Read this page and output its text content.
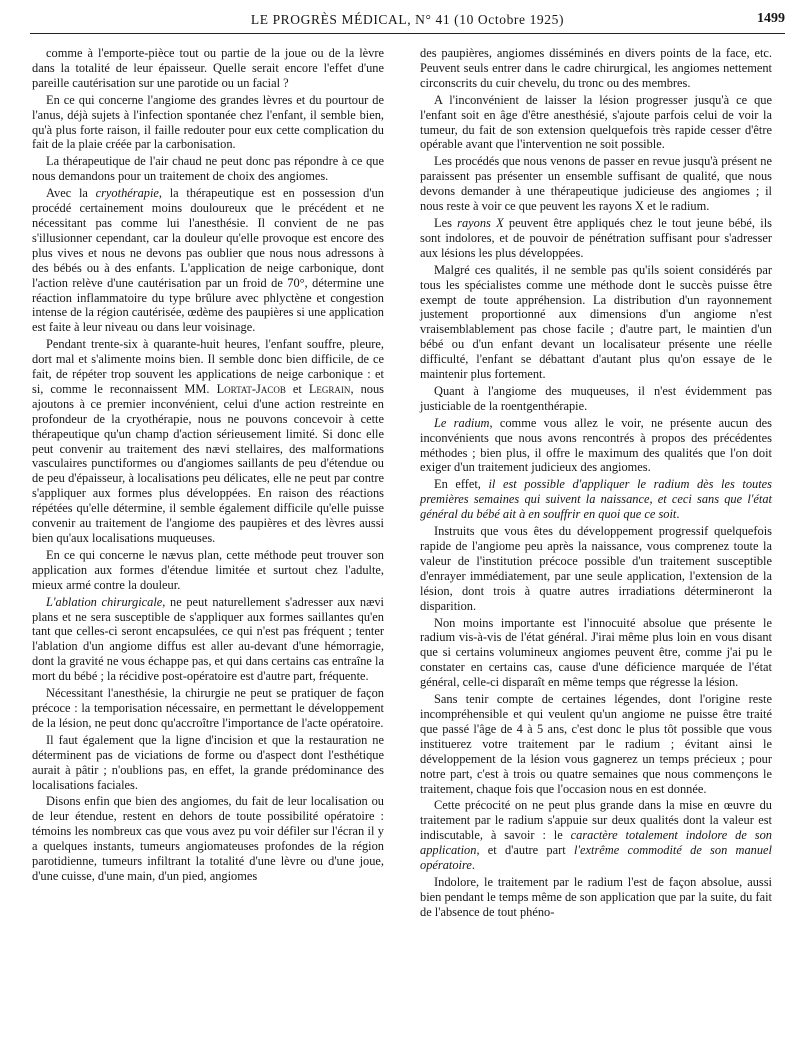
LE PROGRÈS MÉDICAL, N° 41 (10 Octobre 1925)	1499

comme à l'emporte-pièce tout ou partie de la joue ou de la lèvre dans la totalité de leur épaisseur. Quelle serait encore l'effet d'une pareille cautérisation sur une parotide ou un facial ?

En ce qui concerne l'angiome des grandes lèvres et du pourtour de l'anus, déjà sujets à l'infection spontanée chez l'enfant, il semble bien, qu'à plus forte raison, il faille redouter pour eux cette complication du fait de la plaie créée par la carbonisation.

La thérapeutique de l'air chaud ne peut donc pas répondre à ce que nous demandons pour un traitement de choix des angiomes.

Avec la cryothérapie, la thérapeutique est en possession d'un procédé certainement moins douloureux que le précédent et ne nécessitant pas comme lui l'anesthésie. Il convient de ne pas s'illusionner cependant, car la douleur qu'elle provoque est encore des plus vives et nous ne devons pas oublier que nous nous adressons à des bébés ou à des enfants. L'application de neige carbonique, dont l'action relève d'une cautérisation par un froid de 70°, détermine une réaction inflammatoire du type brûlure avec phlyctène et congestion intense de la région cautérisée, œdème des paupières si une application est faite à leur niveau ou dans leur voisinage.

Pendant trente-six à quarante-huit heures, l'enfant souffre, pleure, dort mal et s'alimente moins bien. Il semble donc bien difficile, de ce fait, de répéter trop souvent les applications de neige carbonique : et si, comme le reconnaissent MM. Lortat-Jacob et Legrain, nous ajoutons à ce premier inconvénient, celui d'une action restreinte en profondeur de la cryothérapie, nous ne pouvons concevoir à cette thérapeutique qu'un champ d'action sérieusement limité. Si donc elle peut convenir au traitement des nævi stellaires, des malformations vasculaires punctiformes ou d'angiomes saillants de peu d'étendue ou de peu d'épaisseur, à localisations peu délicates, elle ne peut par contre s'appliquer aux formes plus développées. En raison des réactions répétées qu'elle détermine, il semble également difficile qu'elle puisse convenir au traitement de l'angiome des paupières et des lèvres aussi bien qu'aux localisations muqueuses.

En ce qui concerne le nævus plan, cette méthode peut trouver son application aux formes d'étendue limitée et surtout chez l'adulte, mieux armé contre la douleur.

L'ablation chirurgicale, ne peut naturellement s'adresser aux nævi plans et ne sera susceptible de s'appliquer aux formes saillantes qu'en tant que celles-ci seront encapsulées, ce qui n'est pas fréquent ; tenter l'ablation d'un angiome diffus est aller au-devant d'une hémorragie, dont la gravité ne vous échappe pas, et qui dans certains cas entraîne la mort du bébé ; la récidive post-opératoire est d'autre part, fréquente.

Nécessitant l'anesthésie, la chirurgie ne peut se pratiquer de façon précoce : la temporisation nécessaire, en permettant le développement de la lésion, ne peut donc qu'accroître l'importance de l'acte opératoire.

Il faut également que la ligne d'incision et que la restauration ne déterminent pas de viciations de forme ou d'aspect dont l'esthétique aurait à pâtir ; n'oublions pas, en effet, la grande prédominance des localisations faciales.

Disons enfin que bien des angiomes, du fait de leur localisation ou de leur étendue, restent en dehors de toute possibilité opératoire : témoins les nombreux cas que vous avez pu voir défiler sur l'écran il y a quelques instants, tumeurs angiomateuses profondes de la région parotidienne, tumeurs infiltrant la totalité d'une lèvre ou d'une joue, d'une cuisse, d'une main, d'un pied, angiomes

des paupières, angiomes disséminés en divers points de la face, etc. Peuvent seuls entrer dans le cadre chirurgical, les angiomes nettement circonscrits du cuir chevelu, du tronc ou des membres.

A l'inconvénient de laisser la lésion progresser jusqu'à ce que l'enfant soit en âge d'être anesthésié, s'ajoute parfois celui de voir la tumeur, du fait de son extension quelquefois très rapide cesser d'être opérable avant que l'intervention ne soit possible.

Les procédés que nous venons de passer en revue jusqu'à présent ne paraissent pas présenter un ensemble suffisant de qualité, que nous devons demander à une thérapeutique judicieuse des angiomes ; il nous reste à voir ce que peuvent les rayons X et le radium.

Les rayons X peuvent être appliqués chez le tout jeune bébé, ils sont indolores, et de pouvoir de pénétration suffisant pour s'adresser aux lésions les plus développées.

Malgré ces qualités, il ne semble pas qu'ils soient considérés par tous les spécialistes comme une méthode dont le succès puisse être exempt de toute appréhension. La distribution d'un rayonnement justement proportionné aux dimensions d'un angiome n'est vraisemblablement pas chose facile ; d'autre part, le maintien d'un bébé ou d'un enfant devant un localisateur présente une réelle difficulté, l'enfant se débattant d'autant plus qu'on essaye de le maintenir plus fortement.

Quant à l'angiome des muqueuses, il n'est évidemment pas justiciable de la roentgenthérapie.

Le radium, comme vous allez le voir, ne présente aucun des inconvénients que nous avons rencontrés à propos des précédentes méthodes ; bien plus, il offre le maximum des qualités que l'on doit exiger d'un traitement judicieux des angiomes.

En effet, il est possible d'appliquer le radium dès les toutes premières semaines qui suivent la naissance, et ceci sans que l'état général du bébé ait à en souffrir en quoi que ce soit.

Instruits que vous êtes du développement progressif quelquefois rapide de l'angiome peu après la naissance, vous comprenez toute la valeur de l'institution précoce possible d'un traitement susceptible d'enrayer immédiatement, par une seule application, l'extension de la lésion, dont trois à quatre autres irradiations détermineront la disparition.

Non moins importante est l'innocuité absolue que présente le radium vis-à-vis de l'état général. J'irai même plus loin en vous disant que si certains volumineux angiomes peuvent être, comme j'ai pu le constater en certains cas, cause d'une déficience marquée de l'état général, celle-ci disparaît en même temps que régresse la lésion.

Sans tenir compte de certaines légendes, dont l'origine reste incompréhensible et qui veulent qu'un angiome ne puisse être traité que passé l'âge de 4 à 5 ans, c'est donc le plus tôt possible que vous instituerez votre traitement par le radium ; évitant ainsi le développement de la lésion vous gagnerez un temps précieux ; pour notre part, c'est à trois ou quatre semaines que nous commençons le traitement, chaque fois que l'occasion nous en est donnée.

Cette précocité on ne peut plus grande dans la mise en œuvre du traitement par le radium s'appuie sur deux qualités dont la valeur est indiscutable, à savoir : le caractère totalement indolore de son application, et d'autre part l'extrême commodité de son manuel opératoire.

Indolore, le traitement par le radium l'est de façon absolue, aussi bien pendant le temps même de son application que par la suite, du fait de l'absence de tout phéno-
